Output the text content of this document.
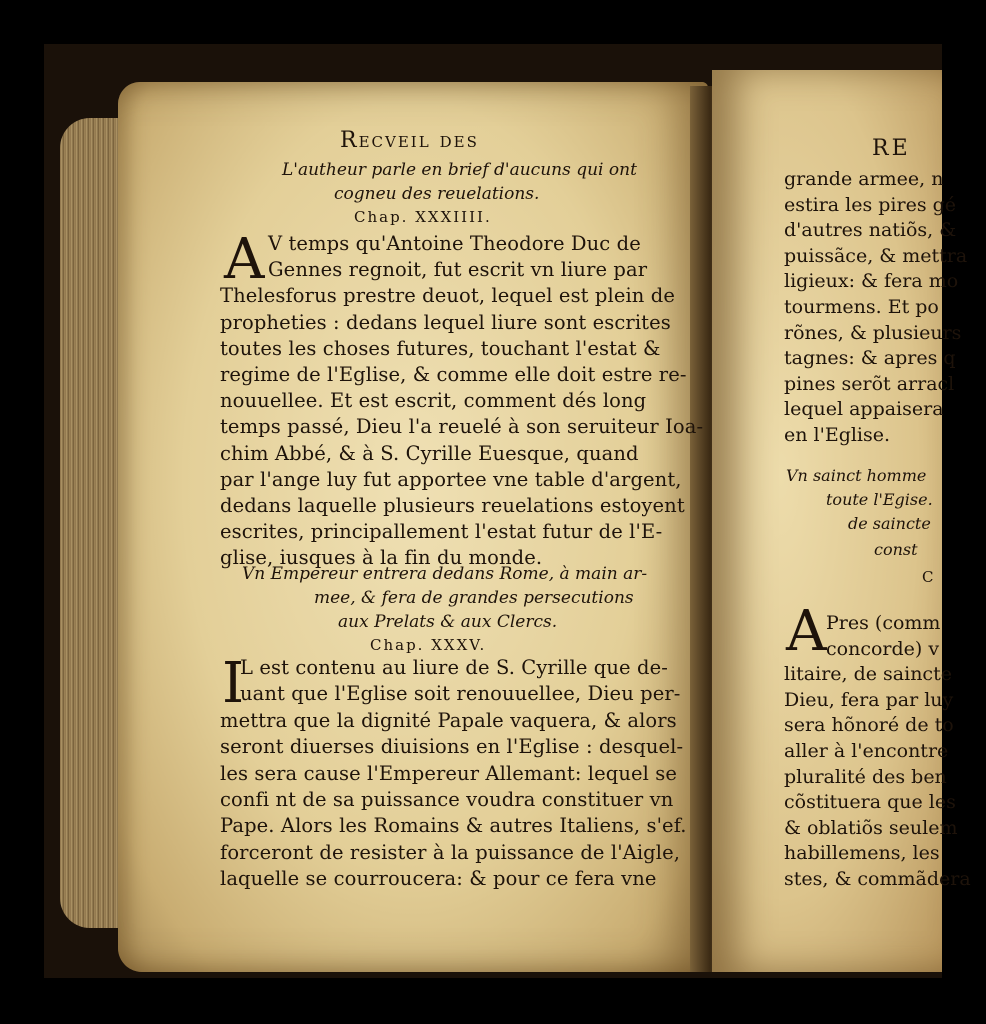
Recveil des
L'autheur parle en brief d'aucuns qui ont
cogneu des reuelations.
Chap. XXXIIII.
A V temps qu'Antoine Theodore Duc de
Gennes regnoit, fut escrit vn liure par
Thelesforus prestre deuot, lequel est plein de
propheties : dedans lequel liure sont escrites
toutes les choses futures, touchant l'estat &
regime de l'Eglise, & comme elle doit estre re-
nouuellee. Et est escrit, comment dés long
temps passé, Dieu l'a reuelé à son seruiteur Ioa-
chim Abbé, & à S. Cyrille Euesque, quand
par l'ange luy fut apportee vne table d'argent,
dedans laquelle plusieurs reuelations estoyent
escrites, principallement l'estat futur de l'E-
glise, iusques à la fin du monde.
Vn Empereur entrera dedans Rome, à main ar-
mee, & fera de grandes persecutions
aux Prelats & aux Clercs.
Chap. XXXV.
I
L est contenu au liure de S. Cyrille que de-
uant que l'Eglise soit renouuellee, Dieu per-
mettra que la dignité Papale vaquera, & alors
seront diuerses diuisions en l'Eglise : desquel-
les sera cause l'Empereur Allemant: lequel se
confi nt de sa puissance voudra constituer vn
Pape. Alors les Romains & autres Italiens, s'ef.
forceront de resister à la puissance de l'Aigle,
laquelle se courroucera: & pour ce fera vne
RE
grande armee, n
estira les pires gé
d'autres natiõs, &
puissãce, & mettra
ligieux: & fera mo
tourmens. Et po
rõnes, & plusieurs
tagnes: & apres q
pines serõt arracl
lequel appaisera
en l'Eglise.
Vn sainct homme
toute l'Egise.
de saincte
const
C
A Pres (comm
concorde) v
litaire, de saincte
Dieu, fera par luy
sera hõnoré de to
aller à l'encontre
pluralité des ben
cõstituera que les
& oblatiõs seulem
habillemens, les
stes, & commãdera
